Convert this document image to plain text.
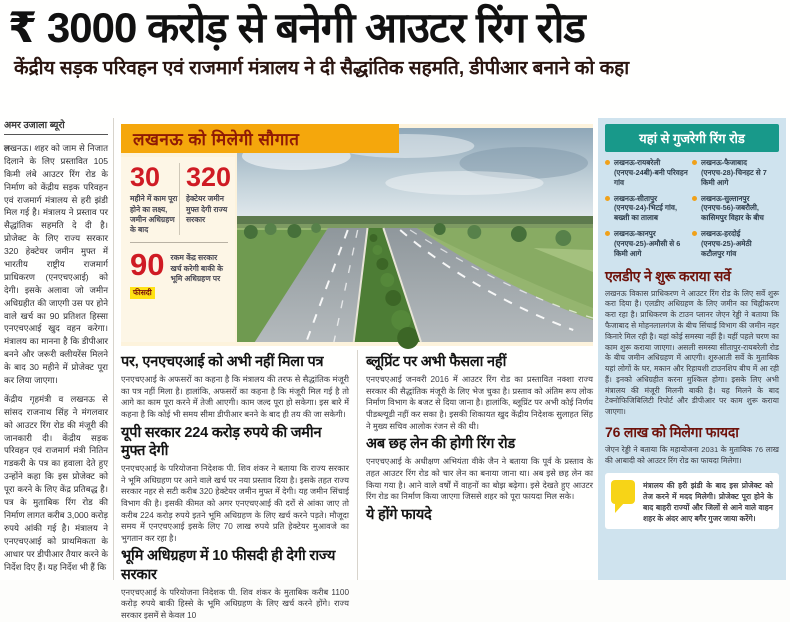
₹ 3000 करोड़ से बनेगी आउटर रिंग रोड
केंद्रीय सड़क परिवहन एवं राजमार्ग मंत्रालय ने दी सैद्धांतिक सहमति, डीपीआर बनाने को कहा
अमर उजाला ब्यूरो

लखनऊ। शहर को जाम से निजात दिलाने के लिए प्रस्तावित 105 किमी लंबे आउटर रिंग रोड के निर्माण को केंद्रीय सड़क परिवहन एवं राजमार्ग मंत्रालय से हरी झंडी मिल गई है। मंत्रालय ने प्रस्ताव पर सैद्धांतिक सहमति दे दी है। प्रोजेक्ट के लिए राज्य सरकार 320 हेक्टेयर जमीन मुफ्त में भारतीय राष्ट्रीय राजमार्ग प्राधिकरण (एनएचएआई) को देगी। इसके अलावा जो जमीन अधिग्रहीत की जाएगी उस पर होने वाले खर्च का 90 प्रतिशत हिस्सा एनएचएआई खुद वहन करेगा। मंत्रालय का मानना है कि डीपीआर बनने और जरूरी क्लीयरेंस मिलने के बाद 30 महीने में प्रोजेक्ट पूरा कर लिया जाएगा।

केंद्रीय गृहमंत्री व लखनऊ से सांसद राजनाथ सिंह ने मंगलवार को आउटर रिंग रोड की मंजूरी की जानकारी दी। केंद्रीय सड़क परिवहन एवं राजमार्ग मंत्री नितिन गडकरी के पत्र का हवाला देते हुए उन्होंने कहा कि इस प्रोजेक्ट को पूरा करने के लिए केंद्र प्रतिबद्ध है। पत्र के मुताबिक रिंग रोड की निर्माण लागत करीब 3,000 करोड़ रुपये आंकी गई है। मंत्रालय ने एनएचएआई को प्राथमिकता के आधार पर डीपीआर तैयार करने के निर्देश दिए हैं। यह निर्देश भी हैं कि

लखनऊ को मिलेगी सौगात
30
महीने में काम पूरा होने का लक्ष्य, जमीन अधिग्रहण के बाद
320
हेक्टेयर जमीन मुफ्त देगी राज्य सरकार
90
फीसदी
रकम केंद्र सरकार खर्च करेगी बाकी के भूमि अधिग्रहण पर
पर, एनएचएआई को अभी नहीं मिला पत्र

एनएचएआई के अफसरों का कहना है कि मंत्रालय की तरफ से सैद्धांतिक मंजूरी का पत्र नहीं मिला है। हालांकि, अफसरों का कहना है कि मंजूरी मिल गई है तो आगे का काम पूरा करने में तेजी आएगी। काम जल्द पूरा हो सकेगा। इस बारे में कहना है कि कोई भी समय सीमा डीपीआर बनने के बाद ही तय की जा सकेगी।

यूपी सरकार 224 करोड़ रुपये की जमीन मुफ्त देगी

एनएचएआई के परियोजना निदेशक पी. शिव शंकर ने बताया कि राज्य सरकार ने भूमि अधिग्रहण पर आने वाले खर्च पर नया प्रस्ताव दिया है। इसके तहत राज्य सरकार नहर से सटी करीब 320 हेक्टेयर जमीन मुफ्त में देगी। यह जमीन सिंचाई विभाग की है। इसकी कीमत को अगर एनएचएआई की दरों से आंका जाए तो करीब 224 करोड़ रुपये इतने भूमि अधिग्रहण के लिए खर्च करने पड़ते। मौजूदा समय में एनएचएआई इसके लिए 70 लाख रुपये प्रति हेक्टेयर मुआवजे का भुगतान कर रहा है।

भूमि अधिग्रहण में 10 फीसदी ही देगी राज्य सरकार

एनएचएआई के परियोजना निदेशक पी. शिव शंकर के मुताबिक करीब 1100 करोड़ रुपये बाकी हिस्से के भूमि अधिग्रहण के लिए खर्च करने होंगे। राज्य सरकार इसमें से केवल 10

ब्लूप्रिंट पर अभी फैसला नहीं

एनएचएआई जनवरी 2016 में आउटर रिंग रोड का प्रस्तावित नक्शा राज्य सरकार की सैद्धांतिक मंजूरी के लिए भेज चुका है। प्रस्ताव को अंतिम रूप लोक निर्माण विभाग के बजट से दिया जाना है। हालांकि, ब्लूप्रिंट पर अभी कोई निर्णय पीडब्ल्यूडी नहीं कर सका है। इसकी शिकायत खुद केंद्रीय निदेशक सुलाहत सिंह ने मुख्य सचिव आलोक रंजन से की थी।

अब छह लेन की होगी रिंग रोड

एनएचएआई के अधीक्षण अभियंता वीके जैन ने बताया कि पूर्व के प्रस्ताव के तहत आउटर रिंग रोड को चार लेन का बनाया जाना था। अब इसे छह लेन का किया गया है। आने वाले वर्षों में वाहनों का बोझ बढ़ेगा। इसे देखते हुए आउटर रिंग रोड का निर्माण किया जाएगा जिससे शहर को पूरा फायदा मिल सके।

ये होंगे फायदे
यहां से गुजरेगी रिंग रोड
लखनऊ-रायबरेली (एनएच-24बी)-बनी परिवहन गांव
लखनऊ-फैजाबाद (एनएच-28)-चिनहट से 7 किमी आगे
लखनऊ-सीतापुर (एनएच-24)-भिटई गांव, बख्शी का तालाब
लखनऊ-सुल्तानपुर (एनएच-56)-जबरौली, कासिमपुर विहार के बीच
लखनऊ-कानपुर (एनएच-25)-अमौसी से 6 किमी आगे
लखनऊ-हरदोई (एनएच-25)-अमेठी कटौलपुर गांव
एलडीए ने शुरू कराया सर्वे

लखनऊ विकास प्राधिकरण ने आउटर रिंग रोड के लिए सर्वे शुरू करा दिया है। एलडीए अधिग्रहण के लिए जमीन का चिह्नीकरण करा रहा है। प्राधिकरण के टाउन प्लानर जेएन रेड्डी ने बताया कि फैजाबाद से मोहनलालगंज के बीच सिंचाई विभाग की जमीन नहर किनारे मिल रही है। यहां कोई समस्या नहीं है। यहीं पहले चरण का काम शुरू कराया जाएगा। असली समस्या सीतापुर-रायबरेली रोड के बीच जमीन अधिग्रहण में आएगी। शुरुआती सर्वे के मुताबिक यहां लोगों के घर, मकान और रिहायशी टाउनशिप बीच में आ रही हैं। इनको अधिग्रहीत करना मुश्किल होगा। इसके लिए अभी मंत्रालय की मंजूरी मिलनी बाकी है। यह मिलने के बाद टेक्नोफिजिबिलिटी रिपोर्ट और डीपीआर पर काम शुरू कराया जाएगा।

76 लाख को मिलेगा फायदा

जेएन रेड्डी ने बताया कि महायोजना 2031 के मुताबिक 76 लाख की आबादी को आउटर रिंग रोड का फायदा मिलेगा।

मंत्रालय की हरी झंडी के बाद इस प्रोजेक्ट को तेज करने में मदद मिलेगी। प्रोजेक्ट पूरा होने के बाद बाहरी राज्यों और जिलों से आने वाले वाहन शहर के अंदर आए बगैर गुजर जाया करेंगे।
